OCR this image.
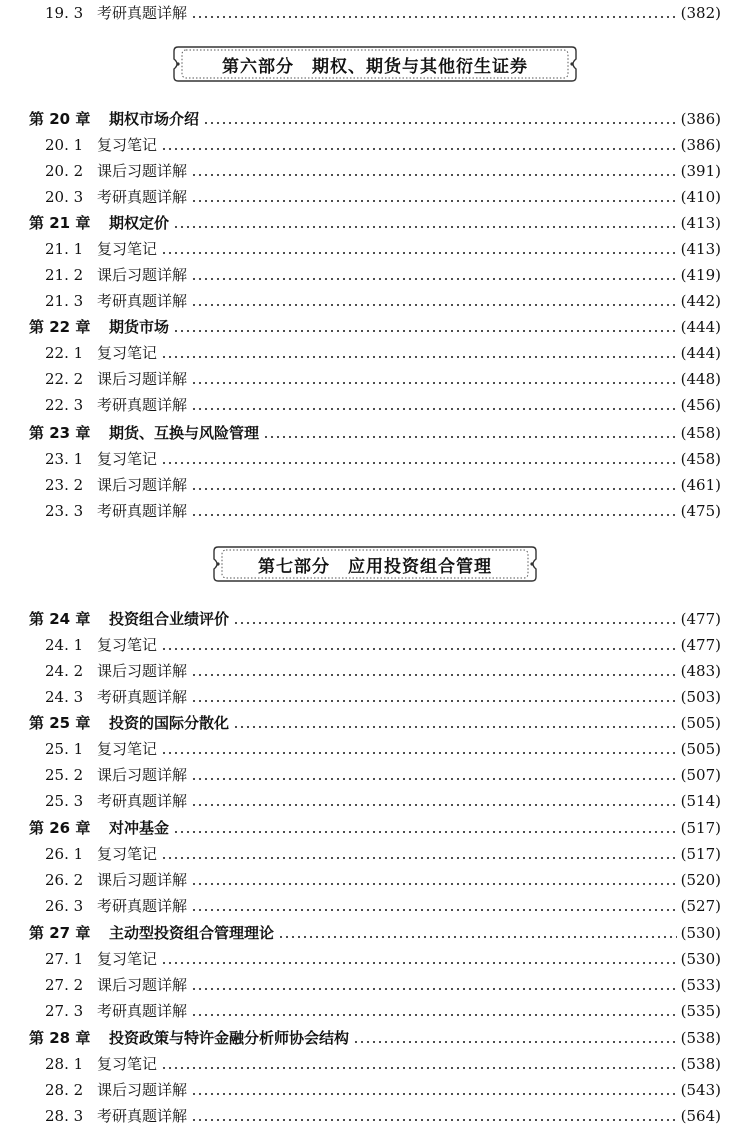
第六部分　期权、期货与其他衍生证券
第七部分　应用投资组合管理
19. 3 考研真题详解	(382)
第 20 章	期权市场介绍	(386)
20. 1 复习笔记	(386)
20. 2 课后习题详解	(391)
20. 3 考研真题详解	(410)
第 21 章	期权定价	(413)
21. 1 复习笔记	(413)
21. 2 课后习题详解	(419)
21. 3 考研真题详解	(442)
第 22 章	期货市场	(444)
22. 1 复习笔记	(444)
22. 2 课后习题详解	(448)
22. 3 考研真题详解	(456)
第 23 章	期货、互换与风险管理	(458)
23. 1 复习笔记	(458)
23. 2 课后习题详解	(461)
23. 3 考研真题详解	(475)
第 24 章	投资组合业绩评价	(477)
24. 1 复习笔记	(477)
24. 2 课后习题详解	(483)
24. 3 考研真题详解	(503)
第 25 章	投资的国际分散化	(505)
25. 1 复习笔记	(505)
25. 2 课后习题详解	(507)
25. 3 考研真题详解	(514)
第 26 章	对冲基金	(517)
26. 1 复习笔记	(517)
26. 2 课后习题详解	(520)
26. 3 考研真题详解	(527)
第 27 章	主动型投资组合管理理论	(530)
27. 1 复习笔记	(530)
27. 2 课后习题详解	(533)
27. 3 考研真题详解	(535)
第 28 章	投资政策与特许金融分析师协会结构	(538)
28. 1 复习笔记	(538)
28. 2 课后习题详解	(543)
28. 3 考研真题详解	(564)
